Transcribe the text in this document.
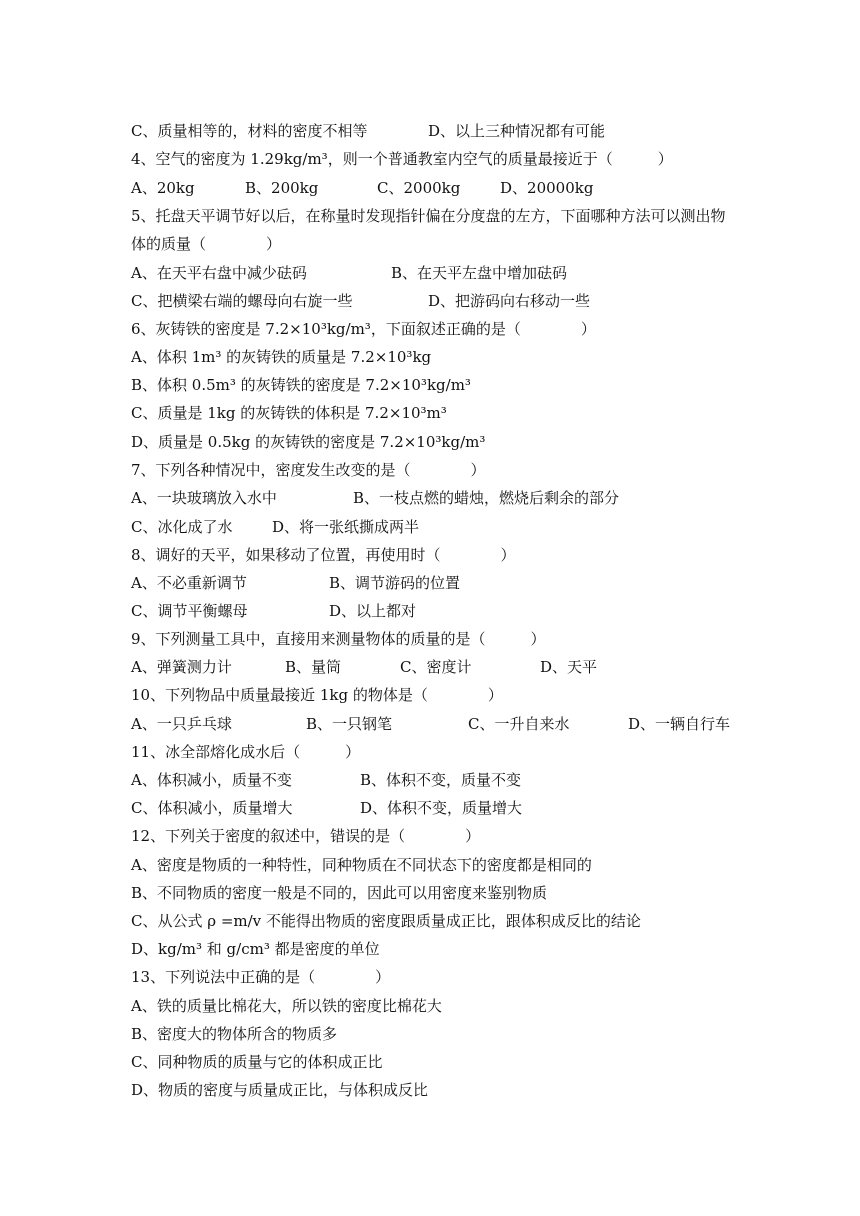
C、质量相等的，材料的密度不相等	D、以上三种情况都有可能
4、空气的密度为 1.29kg/m³，则一个普通教室内空气的质量最接近于（　　　）
A、20kg	B、200kg	C、2000kg	D、20000kg
5、托盘天平调节好以后，在称量时发现指针偏在分度盘的左方，下面哪种方法可以测出物
体的质量（　　　　）
A、在天平右盘中减少砝码	B、在天平左盘中增加砝码
C、把横梁右端的螺母向右旋一些	D、把游码向右移动一些
6、灰铸铁的密度是 7.2×10³kg/m³，下面叙述正确的是（　　　　）
A、体积 1m³ 的灰铸铁的质量是 7.2×10³kg
B、体积 0.5m³ 的灰铸铁的密度是 7.2×10³kg/m³
C、质量是 1kg 的灰铸铁的体积是 7.2×10³m³
D、质量是 0.5kg 的灰铸铁的密度是 7.2×10³kg/m³
7、下列各种情况中，密度发生改变的是（　　　　）
A、一块玻璃放入水中	B、一枝点燃的蜡烛，燃烧后剩余的部分
C、冰化成了水	D、将一张纸撕成两半
8、调好的天平，如果移动了位置，再使用时（　　　　）
A、不必重新调节	B、调节游码的位置
C、调节平衡螺母	D、以上都对
9、下列测量工具中，直接用来测量物体的质量的是（　　　）
A、弹簧测力计	B、量筒	C、密度计	D、天平
10、下列物品中质量最接近 1kg 的物体是（　　　　）
A、一只乒乓球	B、一只钢笔	C、一升自来水	D、一辆自行车
11、冰全部熔化成水后（　　　）
A、体积减小，质量不变	B、体积不变，质量不变
C、体积减小，质量增大	D、体积不变，质量增大
12、下列关于密度的叙述中，错误的是（　　　　）
A、密度是物质的一种特性，同种物质在不同状态下的密度都是相同的
B、不同物质的密度一般是不同的，因此可以用密度来鉴别物质
C、从公式 ρ =m/v 不能得出物质的密度跟质量成正比，跟体积成反比的结论
D、kg/m³ 和 g/cm³ 都是密度的单位
13、下列说法中正确的是（　　　　）
A、铁的质量比棉花大，所以铁的密度比棉花大
B、密度大的物体所含的物质多
C、同种物质的质量与它的体积成正比
D、物质的密度与质量成正比，与体积成反比
